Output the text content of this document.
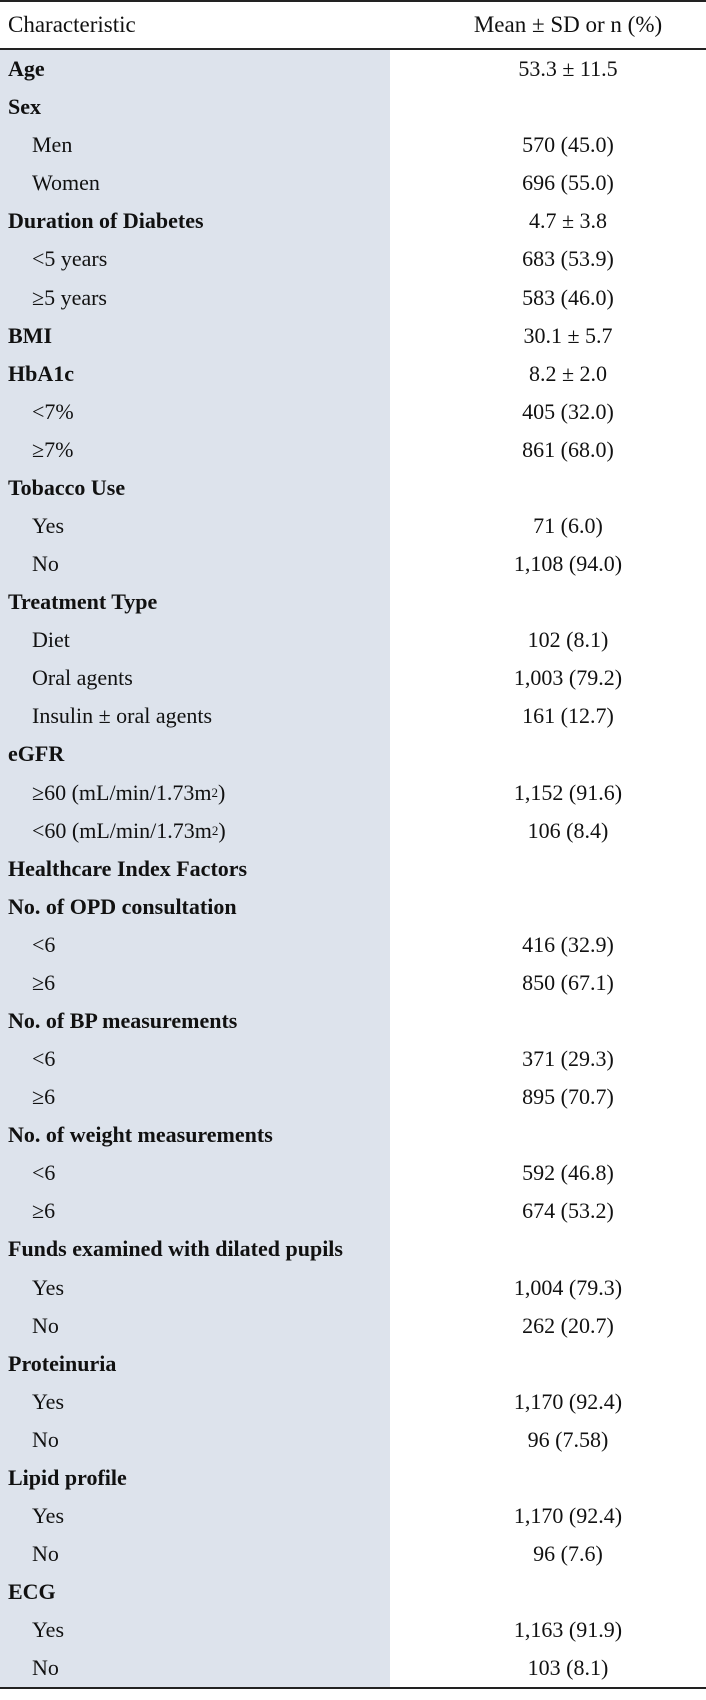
Characteristic	Mean ± SD or n (%)
Age	53.3 ± 11.5
Sex
Men	570 (45.0)
Women	696 (55.0)
Duration of Diabetes	4.7 ± 3.8
<5 years	683 (53.9)
≥5 years	583 (46.0)
BMI	30.1 ± 5.7
HbA1c	8.2 ± 2.0
<7%	405 (32.0)
≥7%	861 (68.0)
Tobacco Use
Yes	71 (6.0)
No	1,108 (94.0)
Treatment Type
Diet	102 (8.1)
Oral agents	1,003 (79.2)
Insulin ± oral agents	161 (12.7)
eGFR
≥60 (mL/min/1.73m 2 )	1,152 (91.6)
<60 (mL/min/1.73m 2 )	106 (8.4)
Healthcare Index Factors
No. of OPD consultation
<6	416 (32.9)
≥6	850 (67.1)
No. of BP measurements
<6	371 (29.3)
≥6	895 (70.7)
No. of weight measurements
<6	592 (46.8)
≥6	674 (53.2)
Funds examined with dilated pupils
Yes	1,004 (79.3)
No	262 (20.7)
Proteinuria
Yes	1,170 (92.4)
No	96 (7.58)
Lipid profile
Yes	1,170 (92.4)
No	96 (7.6)
ECG
Yes	1,163 (91.9)
No	103 (8.1)
